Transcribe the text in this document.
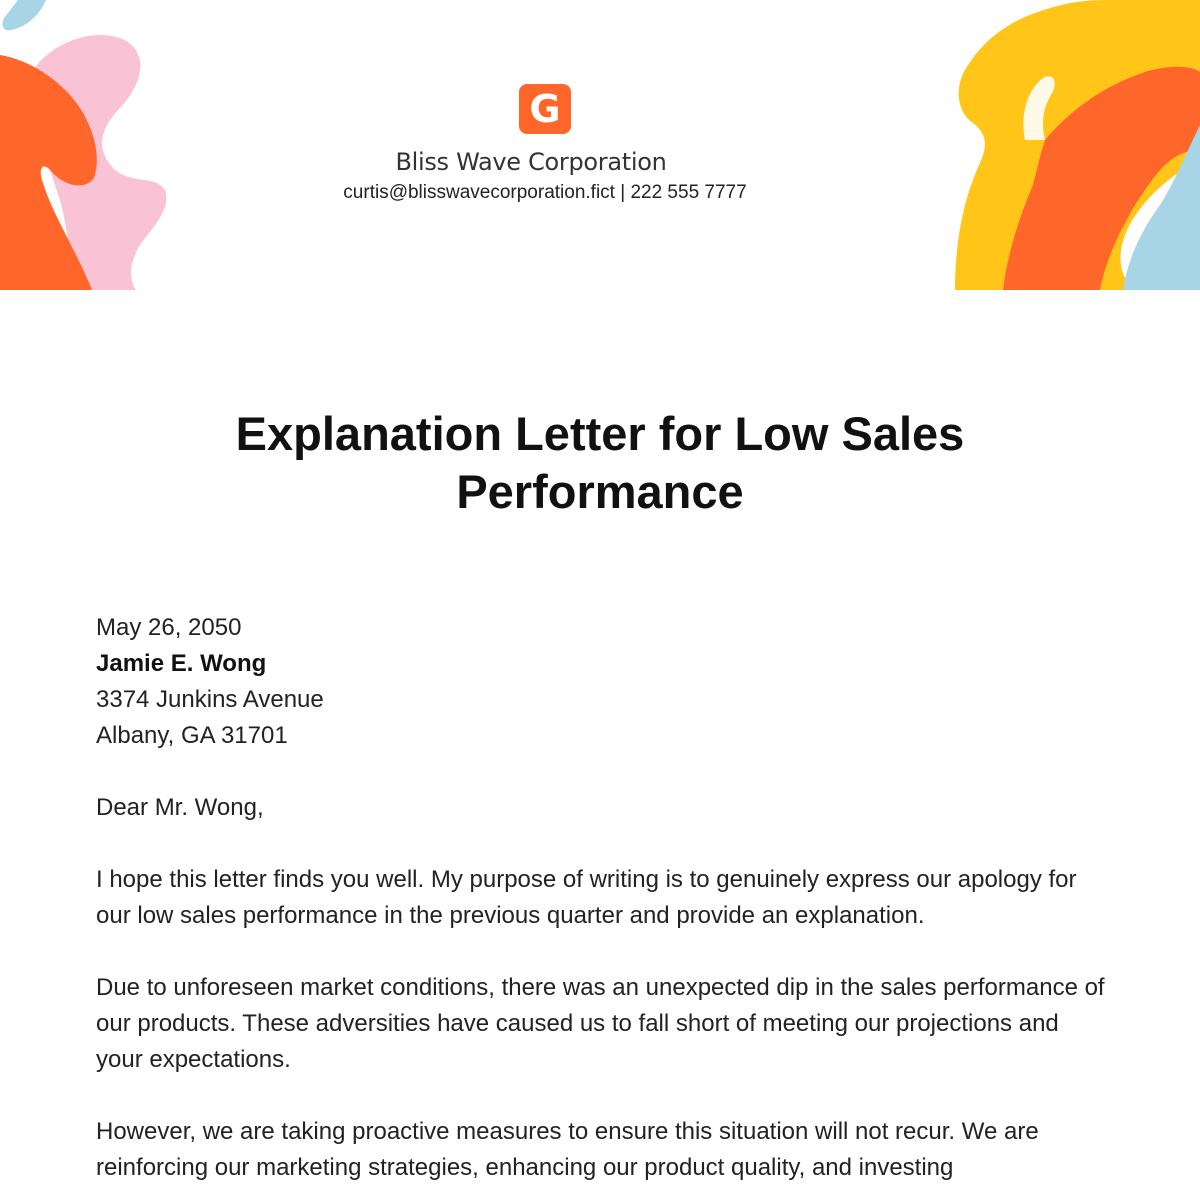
G
Bliss Wave Corporation
curtis@blisswavecorporation.fict | 222 555 7777
Explanation Letter for Low Sales Performance

May 26, 2050

Jamie E. Wong

3374 Junkins Avenue

Albany, GA 31701

Dear Mr. Wong,

I hope this letter finds you well. My purpose of writing is to genuinely express our apology for our low sales performance in the previous quarter and provide an explanation.

Due to unforeseen market conditions, there was an unexpected dip in the sales performance of our products. These adversities have caused us to fall short of meeting our projections and your expectations.

However, we are taking proactive measures to ensure this situation will not recur. We are reinforcing our marketing strategies, enhancing our product quality, and investing
